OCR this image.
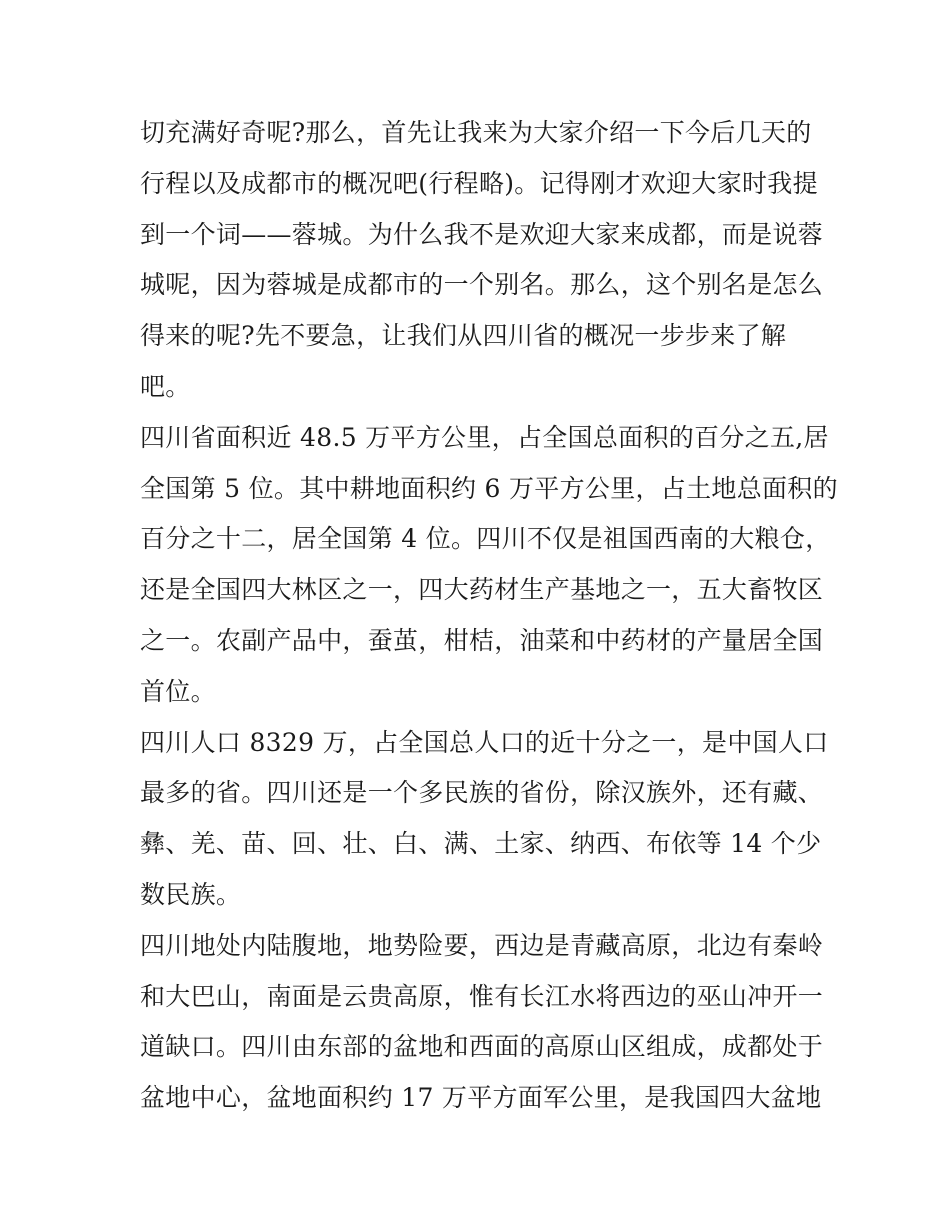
切充满好奇呢?那么，首先让我来为大家介绍一下今后几天的
行程以及成都市的概况吧(行程略)。记得刚才欢迎大家时我提
到一个词——蓉城。为什么我不是欢迎大家来成都，而是说蓉
城呢，因为蓉城是成都市的一个别名。那么，这个别名是怎么
得来的呢?先不要急，让我们从四川省的概况一步步来了解
吧。
四川省面积近 48.5 万平方公里，占全国总面积的百分之五,居
全国第 5 位。其中耕地面积约 6 万平方公里，占土地总面积的
百分之十二，居全国第 4 位。四川不仅是祖国西南的大粮仓，
还是全国四大林区之一，四大药材生产基地之一，五大畜牧区
之一。农副产品中，蚕茧，柑桔，油菜和中药材的产量居全国
首位。
四川人口 8329 万，占全国总人口的近十分之一，是中国人口
最多的省。四川还是一个多民族的省份，除汉族外，还有藏、
彝、羌、苗、回、壮、白、满、土家、纳西、布依等 14 个少
数民族。
四川地处内陆腹地，地势险要，西边是青藏高原，北边有秦岭
和大巴山，南面是云贵高原，惟有长江水将西边的巫山冲开一
道缺口。四川由东部的盆地和西面的高原山区组成，成都处于
盆地中心，盆地面积约 17 万平方面军公里，是我国四大盆地
